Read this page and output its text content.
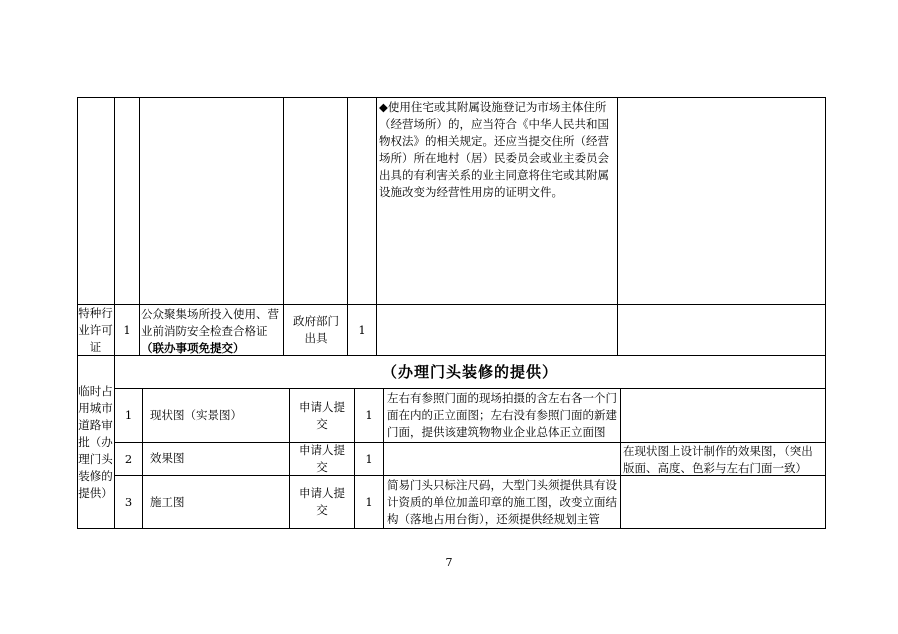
◆使用住宅或其附属设施登记为市场主体住所（经营场所）的，应当符合《中华人民共和国物权法》的相关规定。还应当提交住所（经营场所）所在地村（居）民委员会或业主委员会出具的有利害关系的业主同意将住宅或其附属设施改变为经营性用房的证明文件。
特种行业许可证
1
公众聚集场所投入使用、营业前消防安全检查合格证（联办事项免提交）
政府部门出具
1
临时占用城市道路审批（办理门头装修的提供）
（办理门头装修的提供）
1 现状图（实景图）
申请人提交
1
左右有参照门面的现场拍摄的含左右各一个门面在内的正立面图；左右没有参照门面的新建门面，提供该建筑物物业企业总体正立面图
2 效果图
申请人提交
1
在现状图上设计制作的效果图，（突出版面、高度、色彩与左右门面一致）
3 施工图
申请人提交
1
简易门头只标注尺码，大型门头须提供具有设计资质的单位加盖印章的施工图，改变立面结构（落地占用台街），还须提供经规划主管
7
